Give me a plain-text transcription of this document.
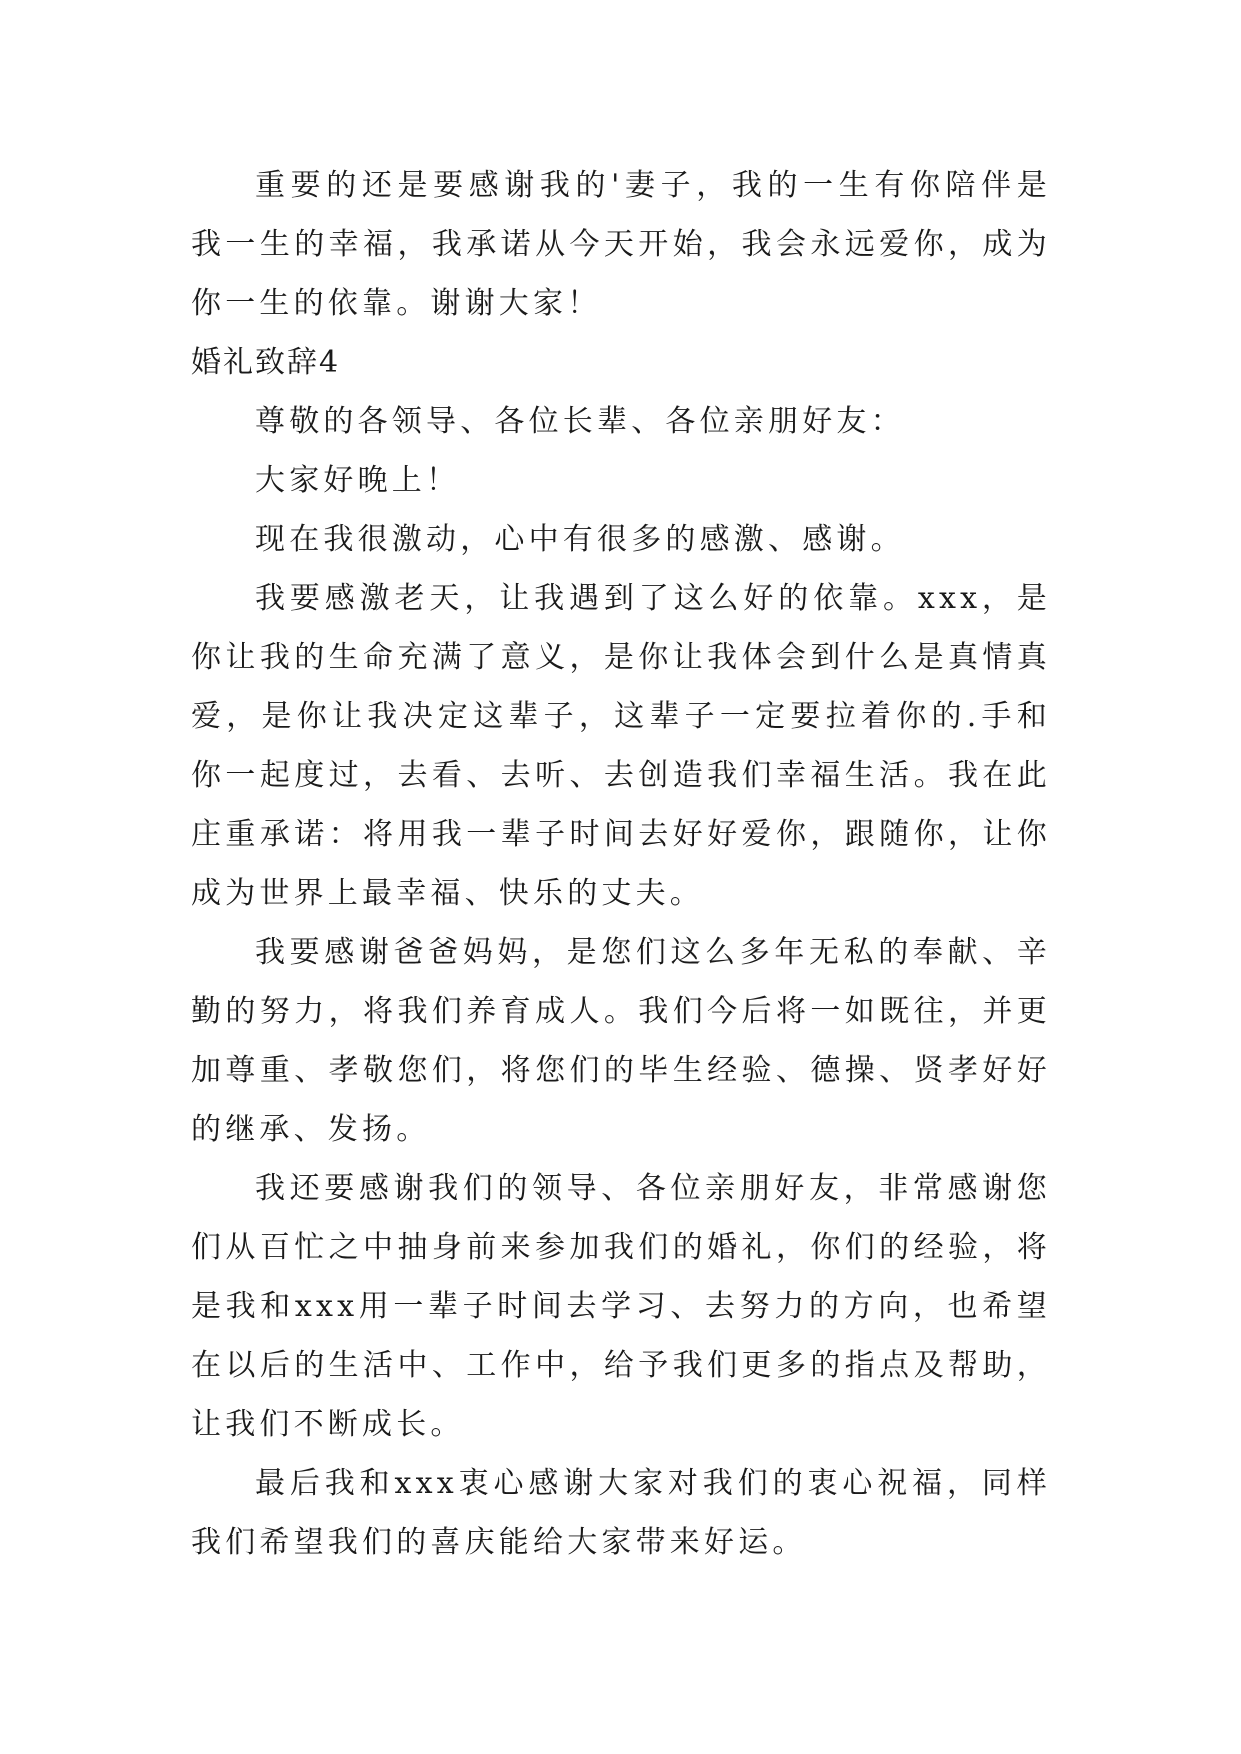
重要的还是要感谢我的'妻子，我的一生有你陪伴是我一生的幸福，我承诺从今天开始，我会永远爱你，成为你一生的依靠。谢谢大家！

婚礼致辞4

尊敬的各领导、各位长辈、各位亲朋好友：

大家好晚上！

现在我很激动，心中有很多的感激、感谢。

我要感激老天，让我遇到了这么好的依靠。xxx，是你让我的生命充满了意义，是你让我体会到什么是真情真爱，是你让我决定这辈子，这辈子一定要拉着你的.手和你一起度过，去看、去听、去创造我们幸福生活。我在此庄重承诺：将用我一辈子时间去好好爱你，跟随你，让你成为世界上最幸福、快乐的丈夫。

我要感谢爸爸妈妈，是您们这么多年无私的奉献、辛勤的努力，将我们养育成人。我们今后将一如既往，并更加尊重、孝敬您们，将您们的毕生经验、德操、贤孝好好的继承、发扬。

我还要感谢我们的领导、各位亲朋好友，非常感谢您们从百忙之中抽身前来参加我们的婚礼，你们的经验，将是我和xxx用一辈子时间去学习、去努力的方向，也希望在以后的生活中、工作中，给予我们更多的指点及帮助，让我们不断成长。

最后我和xxx衷心感谢大家对我们的衷心祝福，同样我们希望我们的喜庆能给大家带来好运。
